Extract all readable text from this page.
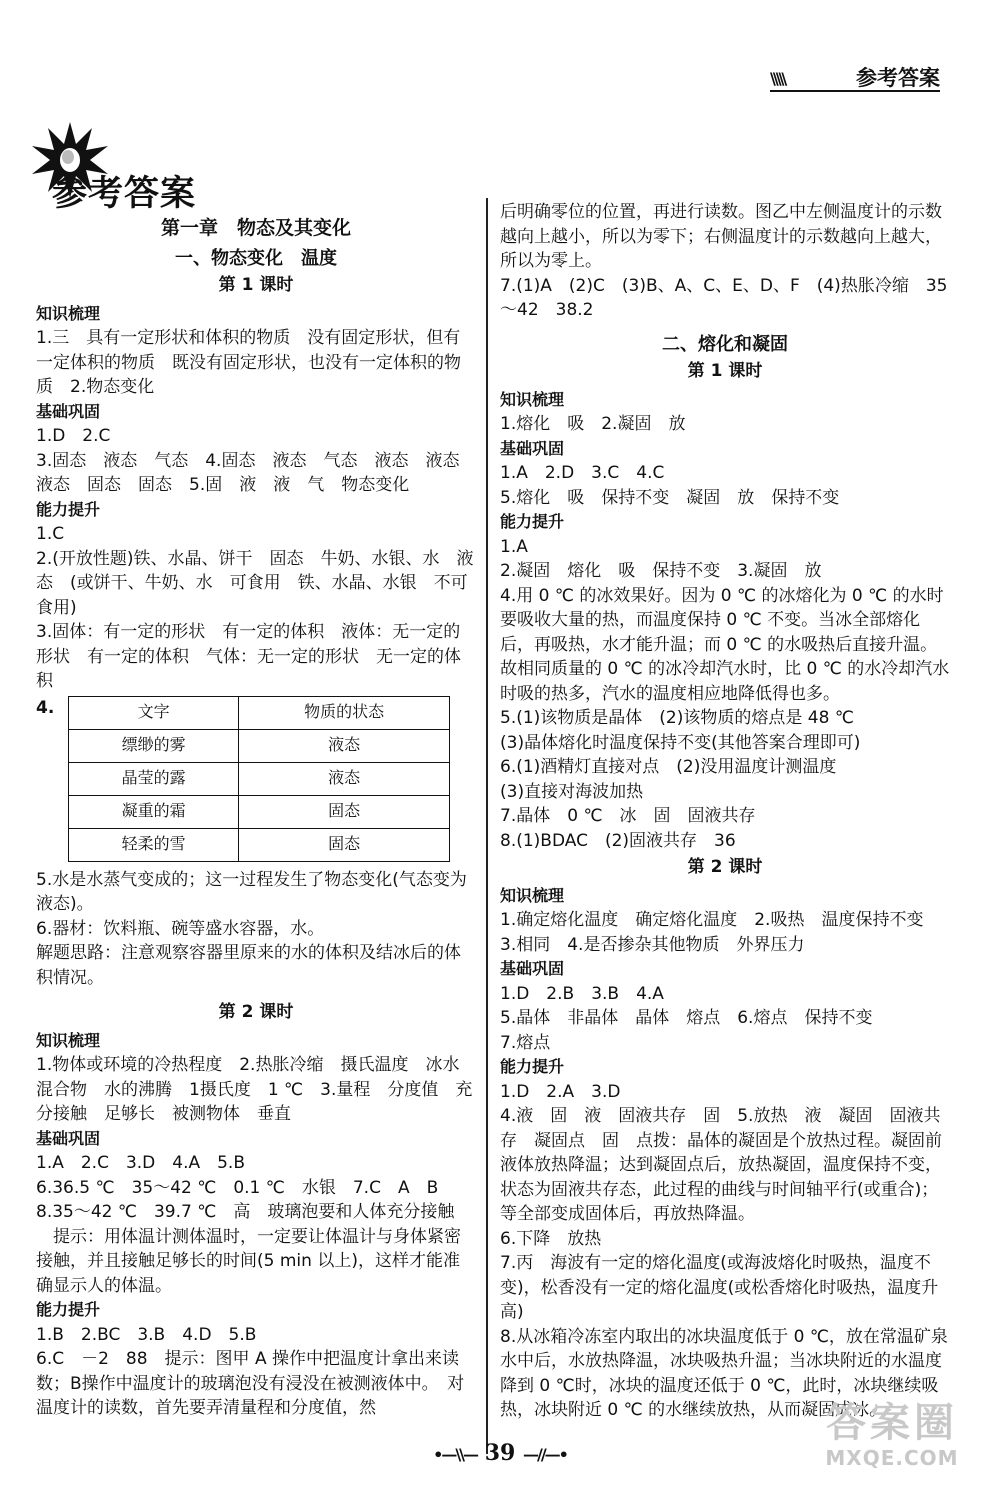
\\\\\	参考答案
参考答案
第一章　物态及其变化
一、物态变化　温度
第 1 课时

知识梳理

1.三　具有一定形状和体积的物质　没有固定形状，但有一定体积的物质　既没有固定形状，也没有一定体积的物质　2.物态变化

基础巩固

1.D　2.C

3.固态　液态　气态　4.固态　液态　气态　液态　液态　液态　固态　固态　5.固　液　液　气　物态变化

能力提升

1.C

2.(开放性题)铁、水晶、饼干　固态　牛奶、水银、水　液态　(或饼干、牛奶、水　可食用　铁、水晶、水银　不可食用)

3.固体：有一定的形状　有一定的体积　液体：无一定的形状　有一定的体积　气体：无一定的形状　无一定的体积

4.	文字	物质的状态
缥缈的雾	液态
晶莹的露	液态
凝重的霜	固态
轻柔的雪	固态

5.水是水蒸气变成的；这一过程发生了物态变化(气态变为液态)。

6.器材：饮料瓶、碗等盛水容器，水。

解题思路：注意观察容器里原来的水的体积及结冰后的体积情况。

第 2 课时

知识梳理

1.物体或环境的冷热程度　2.热胀冷缩　摄氏温度　冰水混合物　水的沸腾　1摄氏度　1 ℃　3.量程　分度值　充分接触　足够长　被测物体　垂直

基础巩固

1.A　2.C　3.D　4.A　5.B

6.36.5 ℃　35～42 ℃　0.1 ℃　水银　7.C　A　B

8.35～42 ℃　39.7 ℃　高　玻璃泡要和人体充分接触

　提示：用体温计测体温时，一定要让体温计与身体紧密接触，并且接触足够长的时间(5 min 以上)，这样才能准确显示人的体温。

能力提升

1.B　2.BC　3.B　4.D　5.B

6.C　－2　88　提示：图甲 A 操作中把温度计拿出来读数；B操作中温度计的玻璃泡没有浸没在被测液体中。　对温度计的读数，首先要弄清量程和分度值，然

后明确零位的位置，再进行读数。图乙中左侧温度计的示数越向上越小，所以为零下；右侧温度计的示数越向上越大，所以为零上。

7.(1)A　(2)C　(3)B、A、C、E、D、F　(4)热胀冷缩　35～42　38.2

二、熔化和凝固
第 1 课时

知识梳理

1.熔化　吸　2.凝固　放

基础巩固

1.A　2.D　3.C　4.C

5.熔化　吸　保持不变　凝固　放　保持不变

能力提升

1.A

2.凝固　熔化　吸　保持不变　3.凝固　放

4.用 0 ℃ 的冰效果好。因为 0 ℃ 的冰熔化为 0 ℃ 的水时要吸收大量的热，而温度保持 0 ℃ 不变。当冰全部熔化后，再吸热，水才能升温；而 0 ℃ 的水吸热后直接升温。故相同质量的 0 ℃ 的冰冷却汽水时，比 0 ℃ 的水冷却汽水时吸的热多，汽水的温度相应地降低得也多。

5.(1)该物质是晶体　(2)该物质的熔点是 48 ℃

(3)晶体熔化时温度保持不变(其他答案合理即可)

6.(1)酒精灯直接对点　(2)没用温度计测温度

(3)直接对海波加热

7.晶体　0 ℃　冰　固　固液共存

8.(1)BDAC　(2)固液共存　36

第 2 课时

知识梳理

1.确定熔化温度　确定熔化温度　2.吸热　温度保持不变　3.相同　4.是否掺杂其他物质　外界压力

基础巩固

1.D　2.B　3.B　4.A

5.晶体　非晶体　晶体　熔点　6.熔点　保持不变

7.熔点

能力提升

1.D　2.A　3.D

4.液　固　液　固液共存　固　5.放热　液　凝固　固液共存　凝固点　固　点拨：晶体的凝固是个放热过程。凝固前液体放热降温；达到凝固点后，放热凝固，温度保持不变，状态为固液共存态，此过程的曲线与时间轴平行(或重合)；等全部变成固体后，再放热降温。

6.下降　放热

7.丙　海波有一定的熔化温度(或海波熔化时吸热，温度不变)，松香没有一定的熔化温度(或松香熔化时吸热，温度升高)

8.从冰箱冷冻室内取出的冰块温度低于 0 ℃，放在常温矿泉水中后，水放热降温，冰块吸热升温；当冰块附近的水温度降到 0 ℃时，冰块的温度还低于 0 ℃，此时，冰块继续吸热，冰块附近 0 ℃ 的水继续放热，从而凝固成冰。

•—\\— 39 —//—•
答案圈
MXQE.COM
